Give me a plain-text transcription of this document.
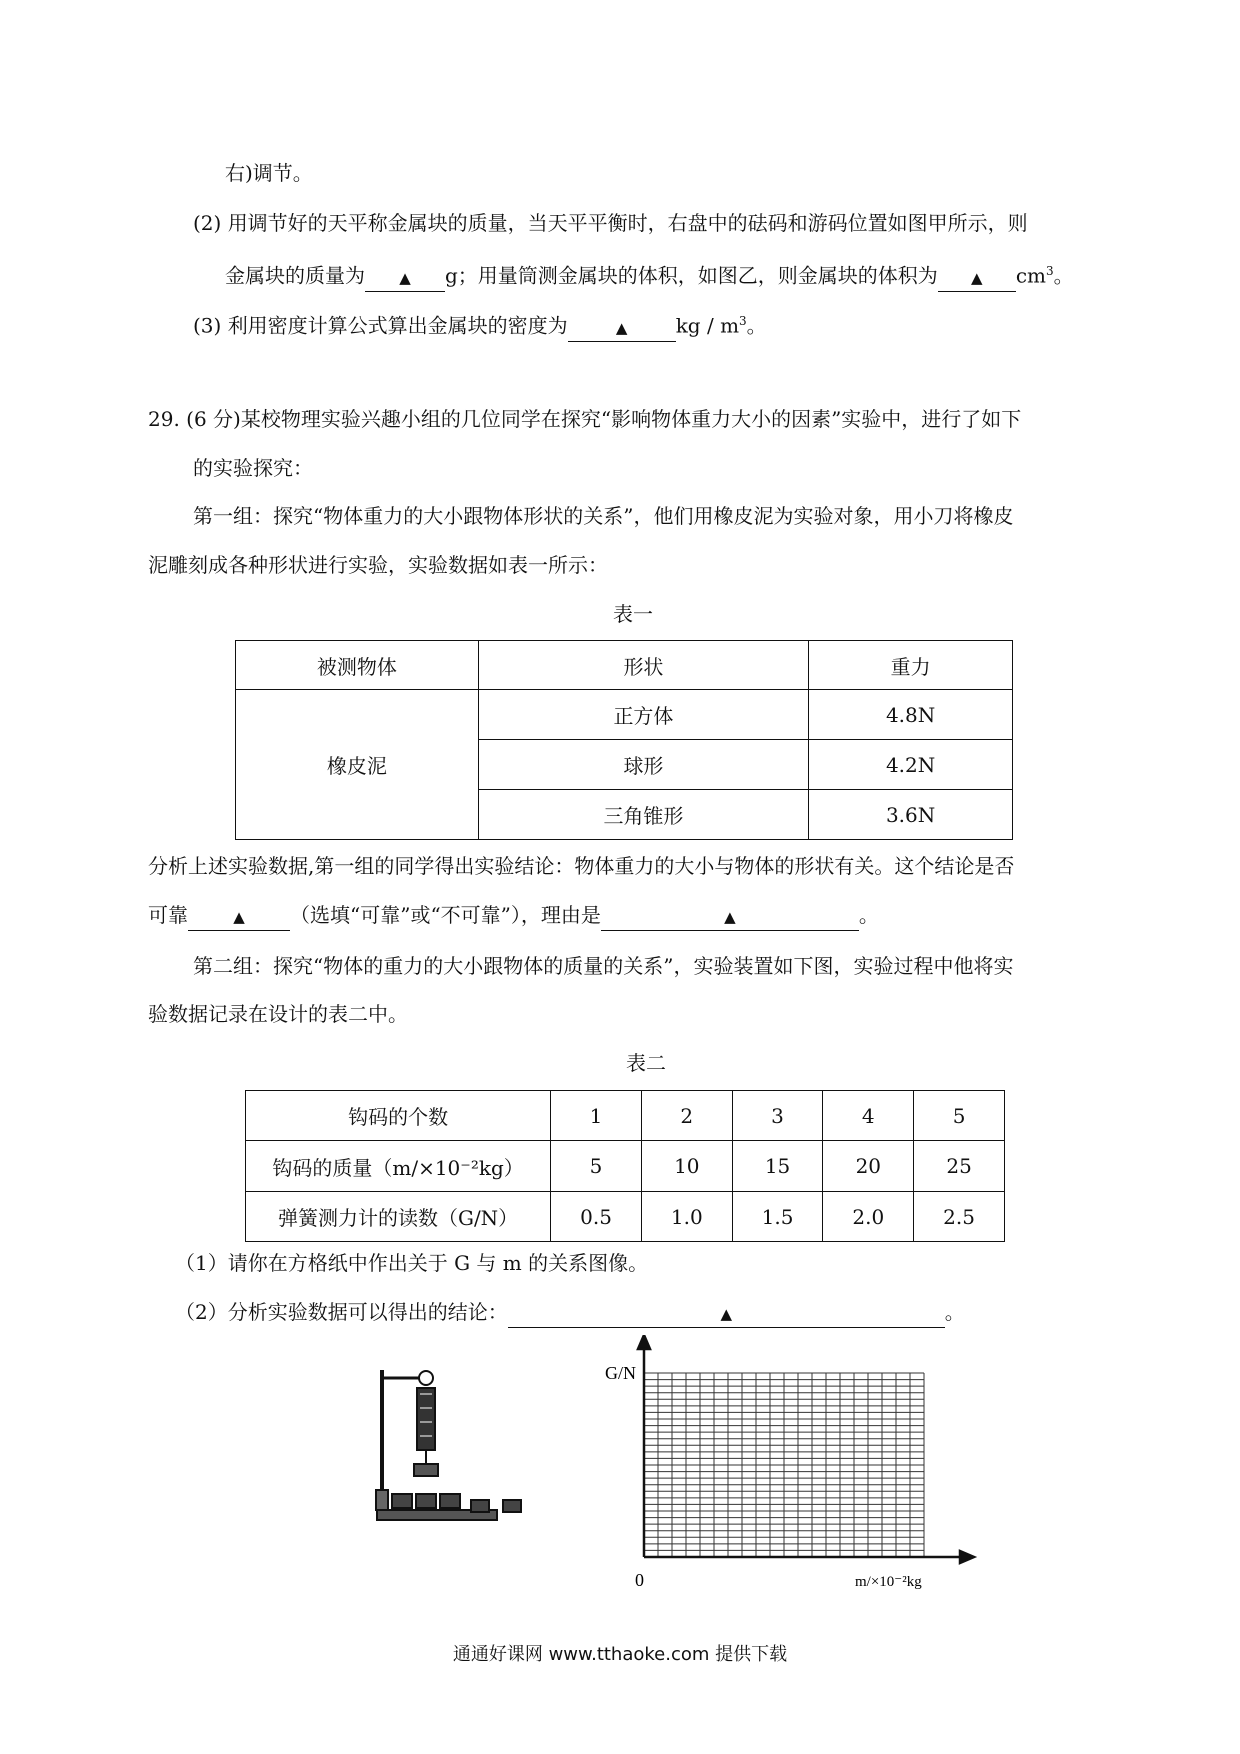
右)调节。
(2) 用调节好的天平称金属块的质量，当天平平衡时，右盘中的砝码和游码位置如图甲所示，则
金属块的质量为 ▲ g；用量筒测金属块的体积，如图乙，则金属块的体积为 ▲ $cm^3$。
(3) 利用密度计算公式算出金属块的密度为	▲ kg / $m^3$。
29. (6 分)某校物理实验兴趣小组的几位同学在探究“影响物体重力大小的因素”实验中，进行了如下
的实验探究：
第一组：探究“物体重力的大小跟物体形状的关系”，他们用橡皮泥为实验对象，用小刀将橡皮
泥雕刻成各种形状进行实验，实验数据如表一所示：
表一
被测物体	形状	重力
橡皮泥	正方体	4.8N
	球形	4.2N
	三角锥形	3.6N
分析上述实验数据,第一组的同学得出实验结论：物体重力的大小与物体的形状有关。这个结论是否
可靠	▲ （选填“可靠”或“不可靠”），理由是	▲	。
第二组：探究“物体的重力的大小跟物体的质量的关系”，实验装置如下图，实验过程中他将实
验数据记录在设计的表二中。
表二
钩码的个数	1	2	3	4	5
钩码的质量（m/×10⁻²kg）	5	10	15	20	25
弹簧测力计的读数（G/N）	0.5	1.0	1.5	2.0	2.5
（1）请你在方格纸中作出关于 G 与 m 的关系图像。
（2）分析实验数据可以得出的结论：	▲	。
G/N
0	m/×10⁻²kg
通通好课网 www.tthaoke.com 提供下载
